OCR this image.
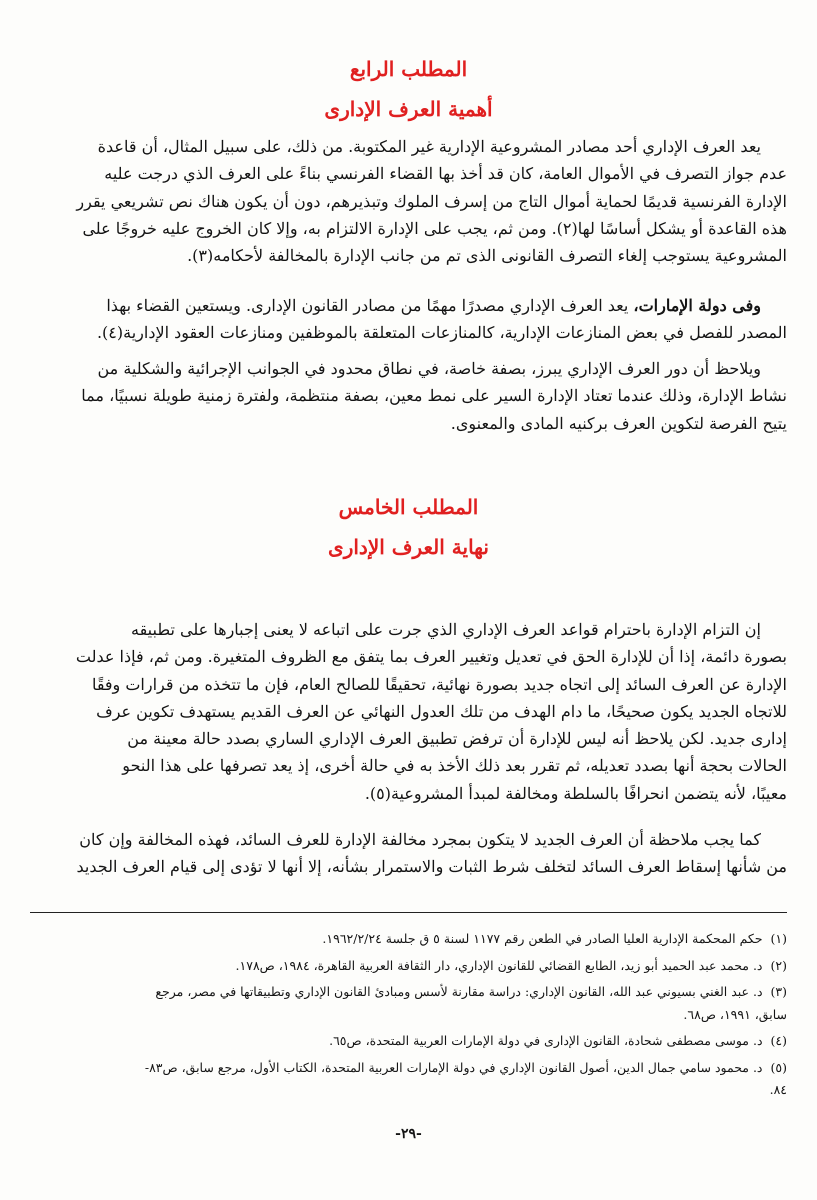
المطلب الرابع

أهمية العرف الإدارى

يعد العرف الإداري أحد مصادر المشروعية الإدارية غير المكتوبة. من ذلك، على سبيل المثال، أن قاعدة
عدم جواز التصرف في الأموال العامة، كان قد أخذ بها القضاء الفرنسي بناءً على العرف الذي درجت عليه
الإدارة الفرنسية قديمًا لحماية أموال التاج من إسرف الملوك وتبذيرهم، دون أن يكون هناك نص تشريعي يقرر
هذه القاعدة أو يشكل أساسًا لها(٢). ومن ثم، يجب على الإدارة الالتزام به، وإلا كان الخروج عليه خروجًا على
المشروعية يستوجب إلغاء التصرف القانونى الذى تم من جانب الإدارة بالمخالفة لأحكامه(٣).
وفى دولة الإمارات، يعد العرف الإداري مصدرًا مهمًا من مصادر القانون الإدارى. ويستعين القضاء بهذا
المصدر للفصل في بعض المنازعات الإدارية، كالمنازعات المتعلقة بالموظفين ومنازعات العقود الإدارية(٤).
ويلاحظ أن دور العرف الإداري يبرز، بصفة خاصة، في نطاق محدود في الجوانب الإجرائية والشكلية من
نشاط الإدارة، وذلك عندما تعتاد الإدارة السير على نمط معين، بصفة منتظمة، ولفترة زمنية طويلة نسبيًا، مما
يتيح الفرصة لتكوين العرف بركنيه المادى والمعنوى.

المطلب الخامس

نهاية العرف الإدارى

إن التزام الإدارة باحترام قواعد العرف الإداري الذي جرت على اتباعه لا يعنى إجبارها على تطبيقه
بصورة دائمة، إذا أن للإدارة الحق في تعديل وتغيير العرف بما يتفق مع الظروف المتغيرة. ومن ثم، فإذا عدلت
الإدارة عن العرف السائد إلى اتجاه جديد بصورة نهائية، تحقيقًا للصالح العام، فإن ما تتخذه من قرارات وفقًا
للاتجاه الجديد يكون صحيحًا، ما دام الهدف من تلك العدول النهائي عن العرف القديم يستهدف تكوين عرف
إدارى جديد. لكن يلاحظ أنه ليس للإدارة أن ترفض تطبيق العرف الإداري الساري بصدد حالة معينة من
الحالات بحجة أنها بصدد تعديله، ثم تقرر بعد ذلك الأخذ به في حالة أخرى، إذ يعد تصرفها على هذا النحو
معيبًا، لأنه يتضمن انحرافًا بالسلطة ومخالفة لمبدأ المشروعية(٥).
كما يجب ملاحظة أن العرف الجديد لا يتكون بمجرد مخالفة الإدارة للعرف السائد، فهذه المخالفة وإن كان
من شأنها إسقاط العرف السائد لتخلف شرط الثبات والاستمرار بشأنه، إلا أنها لا تؤدى إلى قيام العرف الجديد
(١) حكم المحكمة الإدارية العليا الصادر في الطعن رقم ١١٧٧ لسنة ٥ ق جلسة ١٩٦٢/٢/٢٤.
(٢) د. محمد عبد الحميد أبو زيد، الطابع القضائي للقانون الإداري، دار الثقافة العربية القاهرة، ١٩٨٤، ص١٧٨.
(٣) د. عبد الغني بسيوني عبد الله، القانون الإداري: دراسة مقارنة لأسس ومبادئ القانون الإداري وتطبيقاتها في مصر، مرجع
سابق، ١٩٩١، ص٦٨.
(٤) د. موسى مصطفى شحادة، القانون الإدارى في دولة الإمارات العربية المتحدة، ص٦٥.
(٥) د. محمود سامي جمال الدين، أصول القانون الإداري في دولة الإمارات العربية المتحدة، الكتاب الأول، مرجع سابق، ص٨٣-
٨٤.
-٢٩-
